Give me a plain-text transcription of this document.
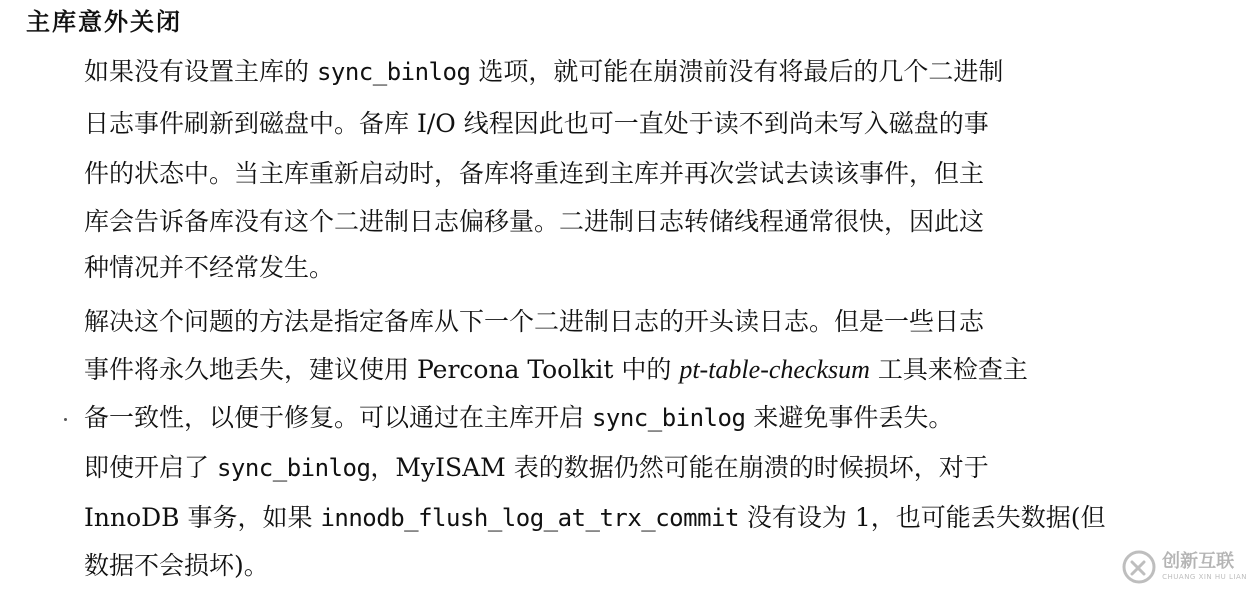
主库意外关闭
如果没有设置主库的 sync_binlog 选项，就可能在崩溃前没有将最后的几个二进制
日志事件刷新到磁盘中。备库 I/O 线程因此也可一直处于读不到尚未写入磁盘的事
件的状态中。当主库重新启动时，备库将重连到主库并再次尝试去读该事件，但主
库会告诉备库没有这个二进制日志偏移量。二进制日志转储线程通常很快，因此这
种情况并不经常发生。
解决这个问题的方法是指定备库从下一个二进制日志的开头读日志。但是一些日志
事件将永久地丢失，建议使用 Percona Toolkit 中的 pt-table-checksum 工具来检查主
备一致性，以便于修复。可以通过在主库开启 sync_binlog 来避免事件丢失。
即使开启了 sync_binlog，MyISAM 表的数据仍然可能在崩溃的时候损坏，对于
InnoDB 事务，如果 innodb_flush_log_at_trx_commit 没有设为 1，也可能丢失数据(但
数据不会损坏)。	创新互联
CHUANG XIN HU LIAN
